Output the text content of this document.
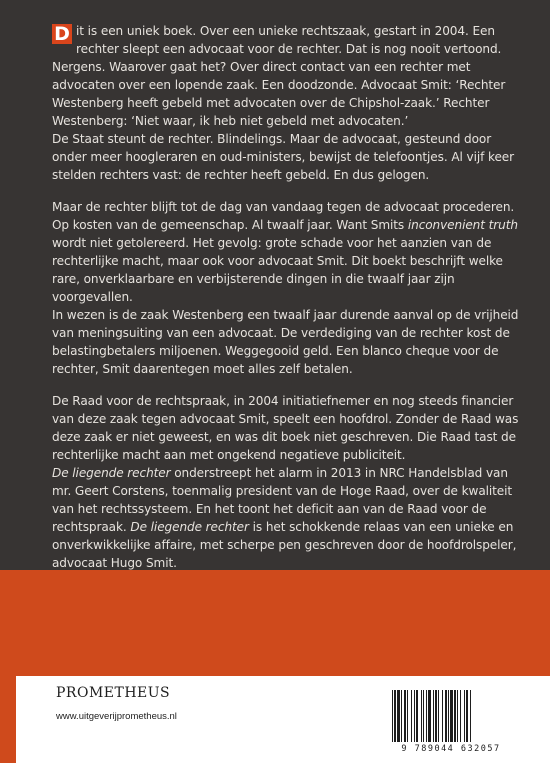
D it is een uniek boek. Over een unieke rechtszaak, gestart in 2004. Een rechter sleept een advocaat voor de rechter. Dat is nog nooit vertoond. Nergens. Waarover gaat het? Over direct contact van een rechter met advocaten over een lopende zaak. Een doodzonde. Advocaat Smit: ‘Rechter Westenberg heeft gebeld met advocaten over de Chipshol-zaak.’ Rechter Westenberg: ‘Niet waar, ik heb niet gebeld met advocaten.’

De Staat steunt de rechter. Blindelings. Maar de advocaat, gesteund door onder meer hoogleraren en oud-ministers, bewijst de telefoontjes. Al vijf keer stelden rechters vast: de rechter heeft gebeld. En dus gelogen.

Maar de rechter blijft tot de dag van vandaag tegen de advocaat procederen. Op kosten van de gemeenschap. Al twaalf jaar. Want Smits inconvenient truth wordt niet getolereerd. Het gevolg: grote schade voor het aanzien van de rechterlijke macht, maar ook voor advocaat Smit. Dit boekt beschrijft welke rare, onverklaarbare en verbijsterende dingen in die twaalf jaar zijn voorgevallen.

In wezen is de zaak Westenberg een twaalf jaar durende aanval op de vrijheid van meningsuiting van een advocaat. De verdediging van de rechter kost de belastingbetalers miljoenen. Weggegooid geld. Een blanco cheque voor de rechter, Smit daarentegen moet alles zelf betalen.

De Raad voor de rechtspraak, in 2004 initiatiefnemer en nog steeds financier van deze zaak tegen advocaat Smit, speelt een hoofdrol. Zonder de Raad was deze zaak er niet geweest, en was dit boek niet geschreven. Die Raad tast de rechterlijke macht aan met ongekend negatieve publiciteit.

De liegende rechter onderstreept het alarm in 2013 in NRC Handelsblad van mr. Geert Corstens, toenmalig president van de Hoge Raad, over de kwaliteit van het rechtssysteem. En het toont het deficit aan van de Raad voor de rechtspraak. De liegende rechter is het schokkende relaas van een unieke en onverkwikkelijke affaire, met scherpe pen geschreven door de hoofdrolspeler, advocaat Hugo Smit.

PROMETHEUS
www.uitgeverijprometheus.nl
9 789044 632057
